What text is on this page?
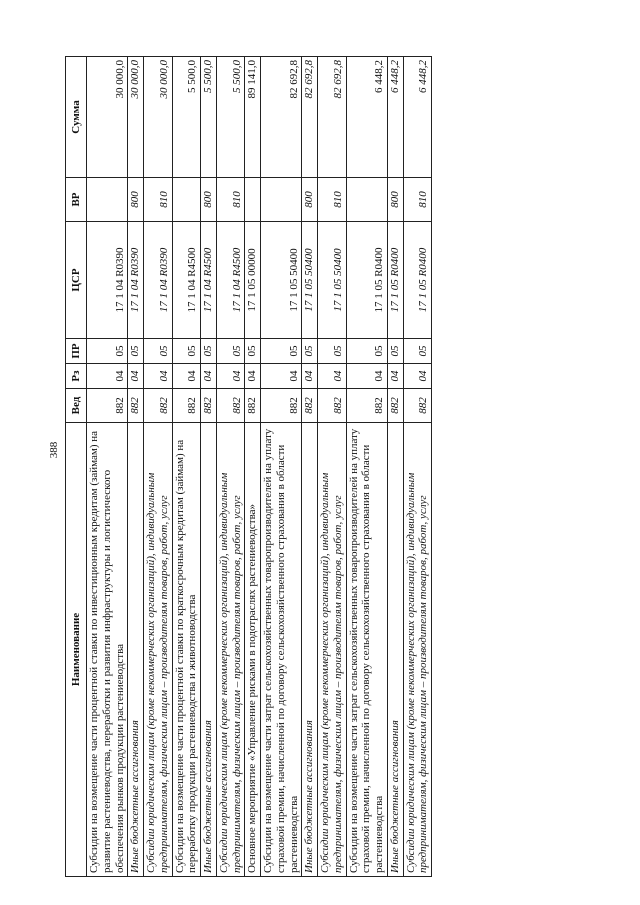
388
Наименование	Вед	Рз	ПР	ЦСР	ВР	Сумма
Субсидии на возмещение части процентной ставки по инвестиционным кредитам (займам) на развитие растениеводства, переработки и развития инфраструктуры и логистического обеспечения рынков продукции растениеводства	882	04	05	17 1 04 R0390		30 000,0
Иные бюджетные ассигнования	882	04	05	17 1 04 R0390	800	30 000,0
Субсидии юридическим лицам (кроме некоммерческих организаций), индивидуальным предпринимателям, физическим лицам – производителям товаров, работ, услуг	882	04	05	17 1 04 R0390	810	30 000,0
Субсидии на возмещение части процентной ставки по краткосрочным кредитам (займам) на переработку продукции растениеводства и животноводства	882	04	05	17 1 04 R4500		5 500,0
Иные бюджетные ассигнования	882	04	05	17 1 04 R4500	800	5 500,0
Субсидии юридическим лицам (кроме некоммерческих организаций), индивидуальным предпринимателям, физическим лицам – производителям товаров, работ, услуг	882	04	05	17 1 04 R4500	810	5 500,0
Основное мероприятие «Управление рисками в подотраслях растениеводства»	882	04	05	17 1 05 00000		89 141,0
Субсидии на возмещение части затрат сельскохозяйственных товаропроизводителей на уплату страховой премии, начисленной по договору сельскохозяйственного страхования в области растениеводства	882	04	05	17 1 05 50400		82 692,8
Иные бюджетные ассигнования	882	04	05	17 1 05 50400	800	82 692,8
Субсидии юридическим лицам (кроме некоммерческих организаций), индивидуальным предпринимателям, физическим лицам – производителям товаров, работ, услуг	882	04	05	17 1 05 50400	810	82 692,8
Субсидии на возмещение части затрат сельскохозяйственных товаропроизводителей на уплату страховой премии, начисленной по договору сельскохозяйственного страхования в области растениеводства	882	04	05	17 1 05 R0400		6 448,2
Иные бюджетные ассигнования	882	04	05	17 1 05 R0400	800	6 448,2
Субсидии юридическим лицам (кроме некоммерческих организаций), индивидуальным предпринимателям, физическим лицам – производителям товаров, работ, услуг	882	04	05	17 1 05 R0400	810	6 448,2
